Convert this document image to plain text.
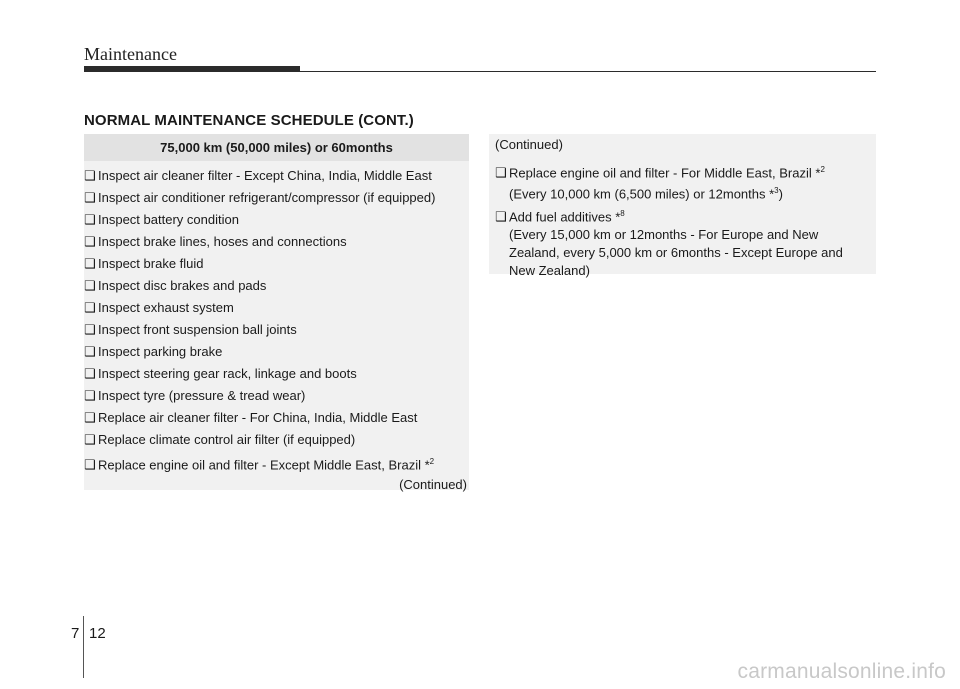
Maintenance
NORMAL MAINTENANCE SCHEDULE (CONT.)
75,000 km (50,000 miles) or 60months
❑ Inspect air cleaner filter - Except China, India, Middle East
❑ Inspect air conditioner refrigerant/compressor (if equipped)
❑ Inspect battery condition
❑ Inspect brake lines, hoses and connections
❑ Inspect brake fluid
❑ Inspect disc brakes and pads
❑ Inspect exhaust system
❑ Inspect front suspension ball joints
❑ Inspect parking brake
❑ Inspect steering gear rack, linkage and boots
❑ Inspect tyre (pressure & tread wear)
❑ Replace air cleaner filter - For China, India, Middle East
❑ Replace climate control air filter (if equipped)
❑ Replace engine oil and filter - Except Middle East, Brazil *$^2$
(Continued)
(Continued)
❑ Replace engine oil and filter - For Middle East, Brazil *$^2$
(Every 10,000 km (6,500 miles) or 12months *$^3$)
❑ Add fuel additives *$^8$
(Every 15,000 km or 12months - For Europe and New
Zealand, every 5,000 km or 6months - Except Europe and
New Zealand)
7 12
carmanualsonline.info
